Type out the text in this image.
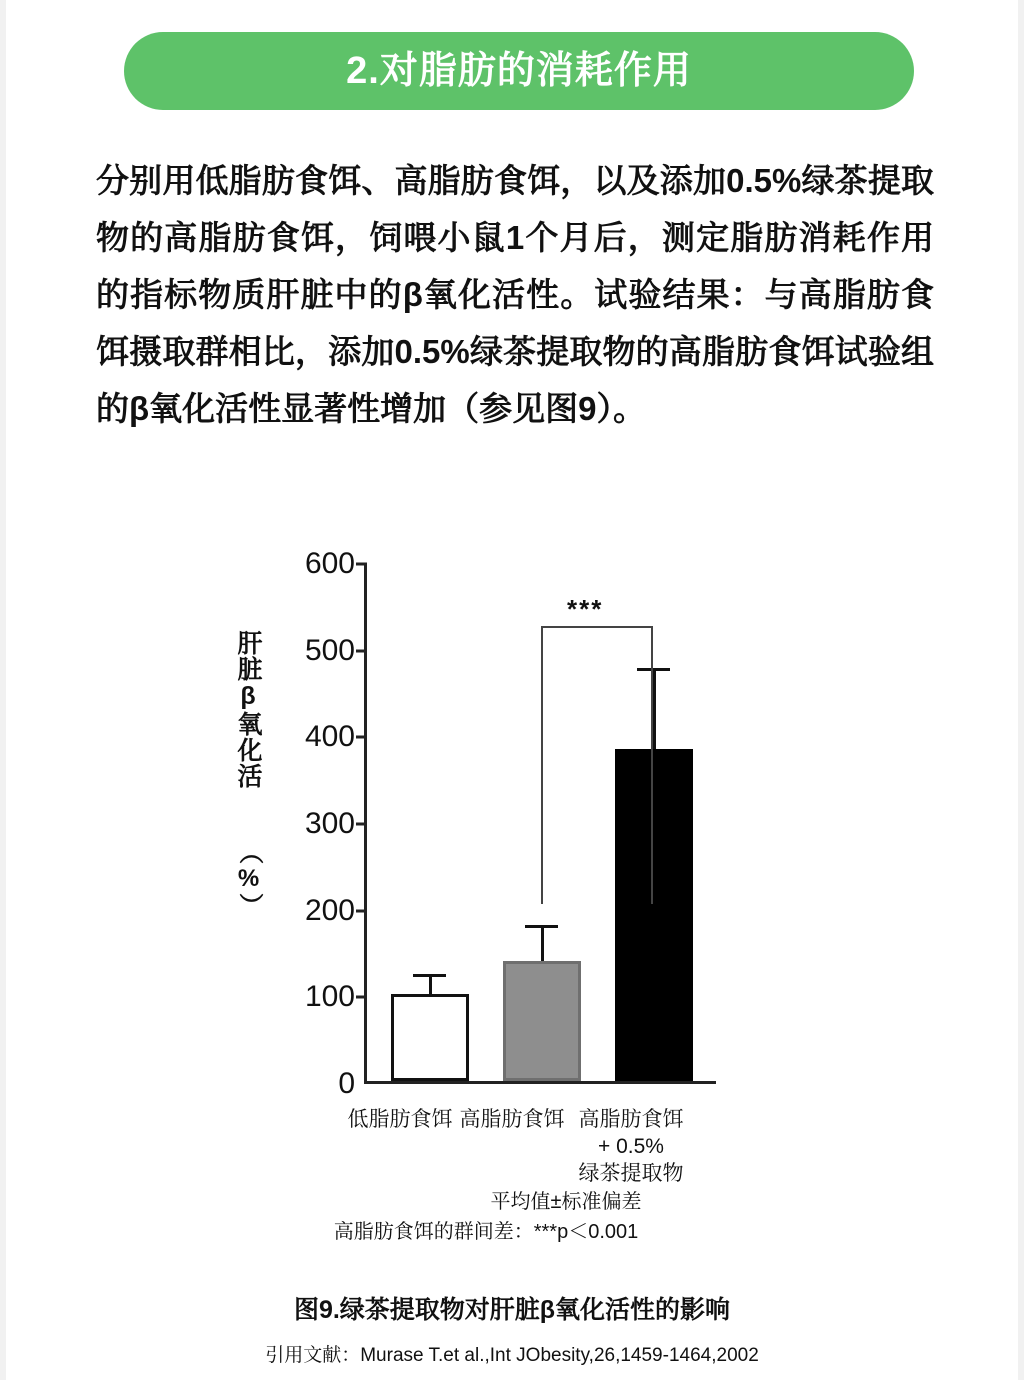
2.对脂肪的消耗作用
分别用低脂肪食饵、高脂肪食饵，以及添加0.5%绿茶提取物的高脂肪食饵，饲喂小鼠1个月后，测定脂肪消耗作用的指标物质肝脏中的β氧化活性。试验结果：与高脂肪食饵摄取群相比，添加0.5%绿茶提取物的高脂肪食饵试验组的β氧化活性显著性增加（参见图9）。
肝脏β氧化活
（%）
600
500
400
300
200
100
0
***
低脂肪食饵 高脂肪食饵 高脂肪食饵
+ 0.5%
绿茶提取物
平均值±标准偏差
高脂肪食饵的群间差：***p＜0.001
图9.绿茶提取物对肝脏β氧化活性的影响
引用文献：Murase T.et al.,Int JObesity,26,1459-1464,2002
